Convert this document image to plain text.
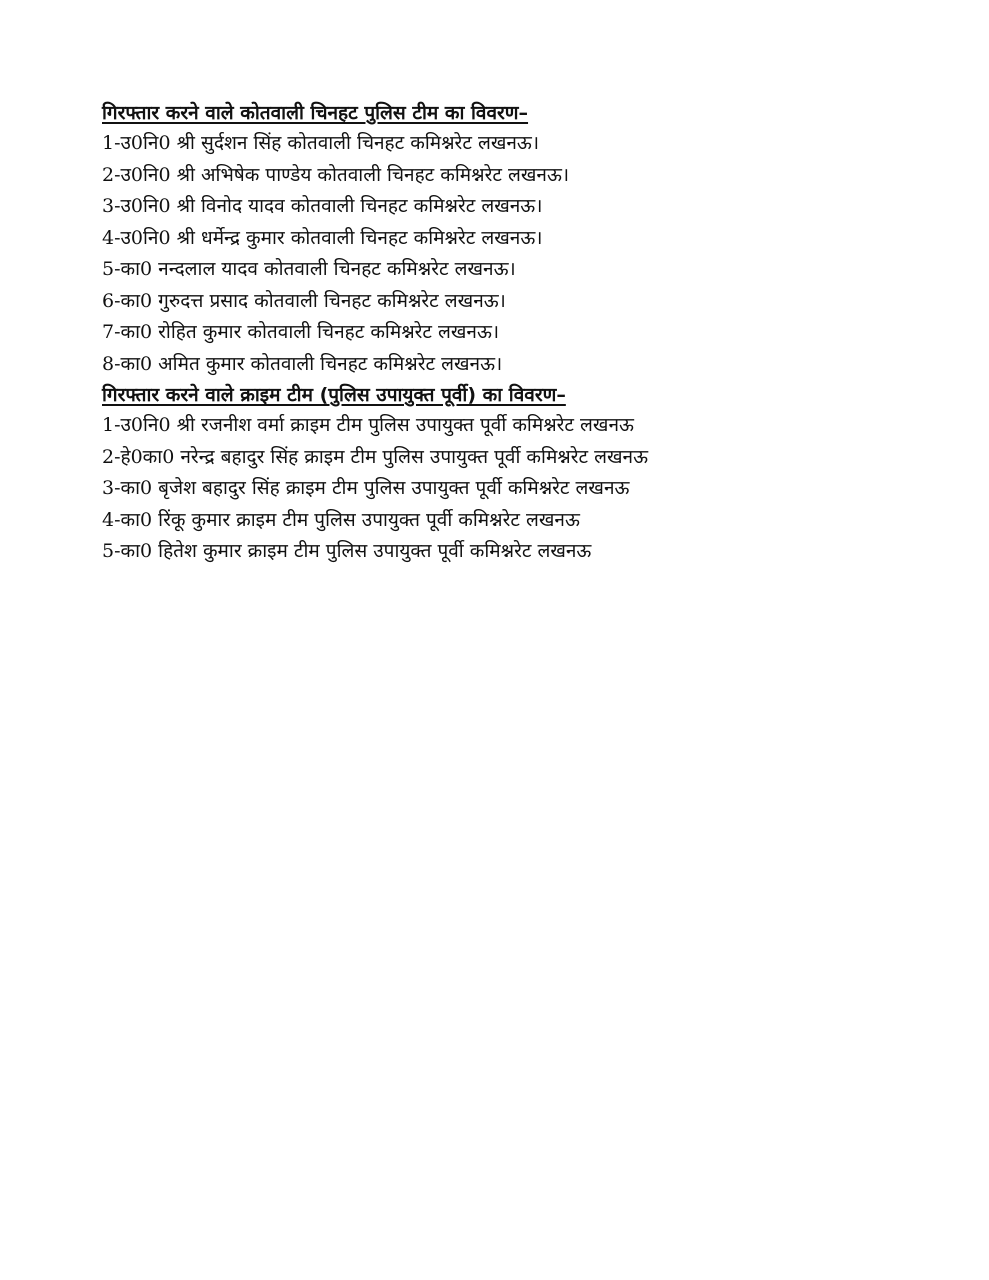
गिरफ्तार करने वाले कोतवाली चिनहट पुलिस टीम का विवरण–
1-उ0नि0 श्री सुर्दशन सिंह कोतवाली चिनहट कमिश्नरेट लखनऊ।
2-उ0नि0 श्री अभिषेक पाण्डेय कोतवाली चिनहट कमिश्नरेट लखनऊ।
3-उ0नि0 श्री विनोद यादव कोतवाली चिनहट कमिश्नरेट लखनऊ।
4-उ0नि0 श्री धर्मेन्द्र कुमार कोतवाली चिनहट कमिश्नरेट लखनऊ।
5-का0 नन्दलाल यादव कोतवाली चिनहट कमिश्नरेट लखनऊ।
6-का0 गुरुदत्त प्रसाद कोतवाली चिनहट कमिश्नरेट लखनऊ।
7-का0 रोहित कुमार कोतवाली चिनहट कमिश्नरेट लखनऊ।
8-का0 अमित कुमार कोतवाली चिनहट कमिश्नरेट लखनऊ।
गिरफ्तार करने वाले क्राइम टीम (पुलिस उपायुक्त पूर्वी) का विवरण–
1-उ0नि0 श्री रजनीश वर्मा क्राइम टीम पुलिस उपायुक्त पूर्वी कमिश्नरेट लखनऊ
2-हे0का0 नरेन्द्र बहादुर सिंह क्राइम टीम पुलिस उपायुक्त पूर्वी कमिश्नरेट लखनऊ
3-का0 बृजेश बहादुर सिंह क्राइम टीम पुलिस उपायुक्त पूर्वी कमिश्नरेट लखनऊ
4-का0 रिंकू कुमार क्राइम टीम पुलिस उपायुक्त पूर्वी कमिश्नरेट लखनऊ
5-का0 हितेश कुमार क्राइम टीम पुलिस उपायुक्त पूर्वी कमिश्नरेट लखनऊ
